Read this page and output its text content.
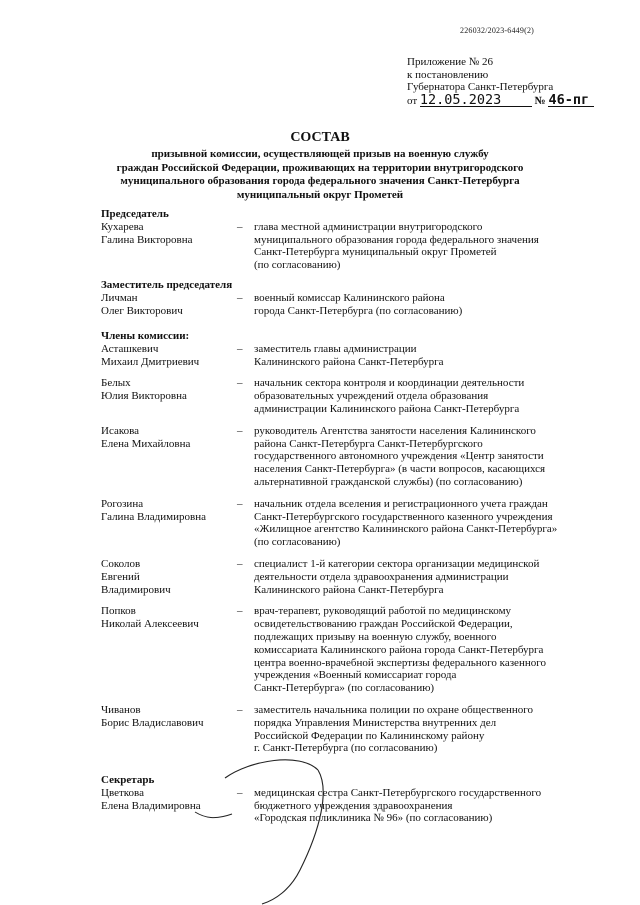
226032/2023-6449(2)
Приложение № 26
к постановлению
Губернатора Санкт-Петербурга
от 12.05.2023	№ 46-пг
СОСТАВ
призывной комиссии, осуществляющей призыв на военную службу
граждан Российской Федерации, проживающих на территории внутригородского
муниципального образования города федерального значения Санкт-Петербурга
муниципальный округ Прометей
Председатель
Кухарева
Галина Викторовна
– глава местной администрации внутригородского
муниципального образования города федерального значения
Санкт-Петербурга муниципальный округ Прометей
(по согласованию)
Заместитель председателя
Личман
Олег Викторович
– военный комиссар Калининского района
города Санкт-Петербурга (по согласованию)
Члены комиссии:
Асташкевич
Михаил Дмитриевич
– заместитель главы администрации
Калининского района Санкт-Петербурга
Белых
Юлия Викторовна
– начальник сектора контроля и координации деятельности
образовательных учреждений отдела образования
администрации Калининского района Санкт-Петербурга
Исакова
Елена Михайловна
– руководитель Агентства занятости населения Калининского
района Санкт-Петербурга Санкт-Петербургского
государственного автономного учреждения «Центр занятости
населения Санкт-Петербурга» (в части вопросов, касающихся
альтернативной гражданской службы) (по согласованию)
Рогозина
Галина Владимировна
– начальник отдела вселения и регистрационного учета граждан
Санкт-Петербургского государственного казенного учреждения
«Жилищное агентство Калининского района Санкт-Петербурга»
(по согласованию)
Соколов
Евгений
Владимирович
– специалист 1-й категории сектора организации медицинской
деятельности отдела здравоохранения администрации
Калининского района Санкт-Петербурга
Попков
Николай Алексеевич
– врач-терапевт, руководящий работой по медицинскому
освидетельствованию граждан Российской Федерации,
подлежащих призыву на военную службу, военного
комиссариата Калининского района города Санкт-Петербурга
центра военно-врачебной экспертизы федерального казенного
учреждения «Военный комиссариат города
Санкт-Петербурга» (по согласованию)
Чиванов
Борис Владиславович
– заместитель начальника полиции по охране общественного
порядка Управления Министерства внутренних дел
Российской Федерации по Калининскому району
г. Санкт-Петербурга (по согласованию)
Секретарь
Цветкова
Елена Владимировна
– медицинская сестра Санкт-Петербургского государственного
бюджетного учреждения здравоохранения
«Городская поликлиника № 96» (по согласованию)
